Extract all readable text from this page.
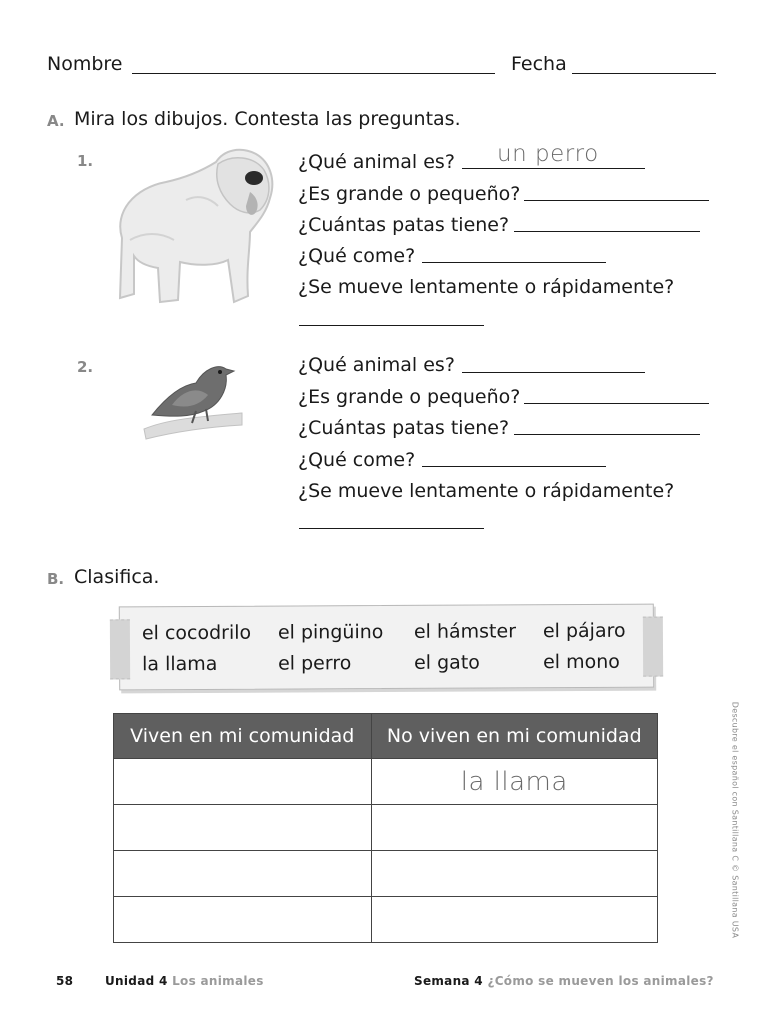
Nombre	Fecha
A. Mira los dibujos. Contesta las preguntas.
1.	¿Qué animal es? un perro
¿Es grande o pequeño?
¿Cuántas patas tiene?
¿Qué come?
¿Se mueve lentamente o rápidamente?
2.	¿Qué animal es?
¿Es grande o pequeño?
¿Cuántas patas tiene?
¿Qué come?
¿Se mueve lentamente o rápidamente?
B. Clasifica.
el cocodrilo el pingüino el hámster el pájaro
la llama	el perro	el gato	el mono
Viven en mi comunidad	No viven en mi comunidad
	la llama

		Descubre el español con Santillana C © Santillana USA
58	Unidad 4 Los animales	Semana 4 ¿Cómo se mueven los animales?
